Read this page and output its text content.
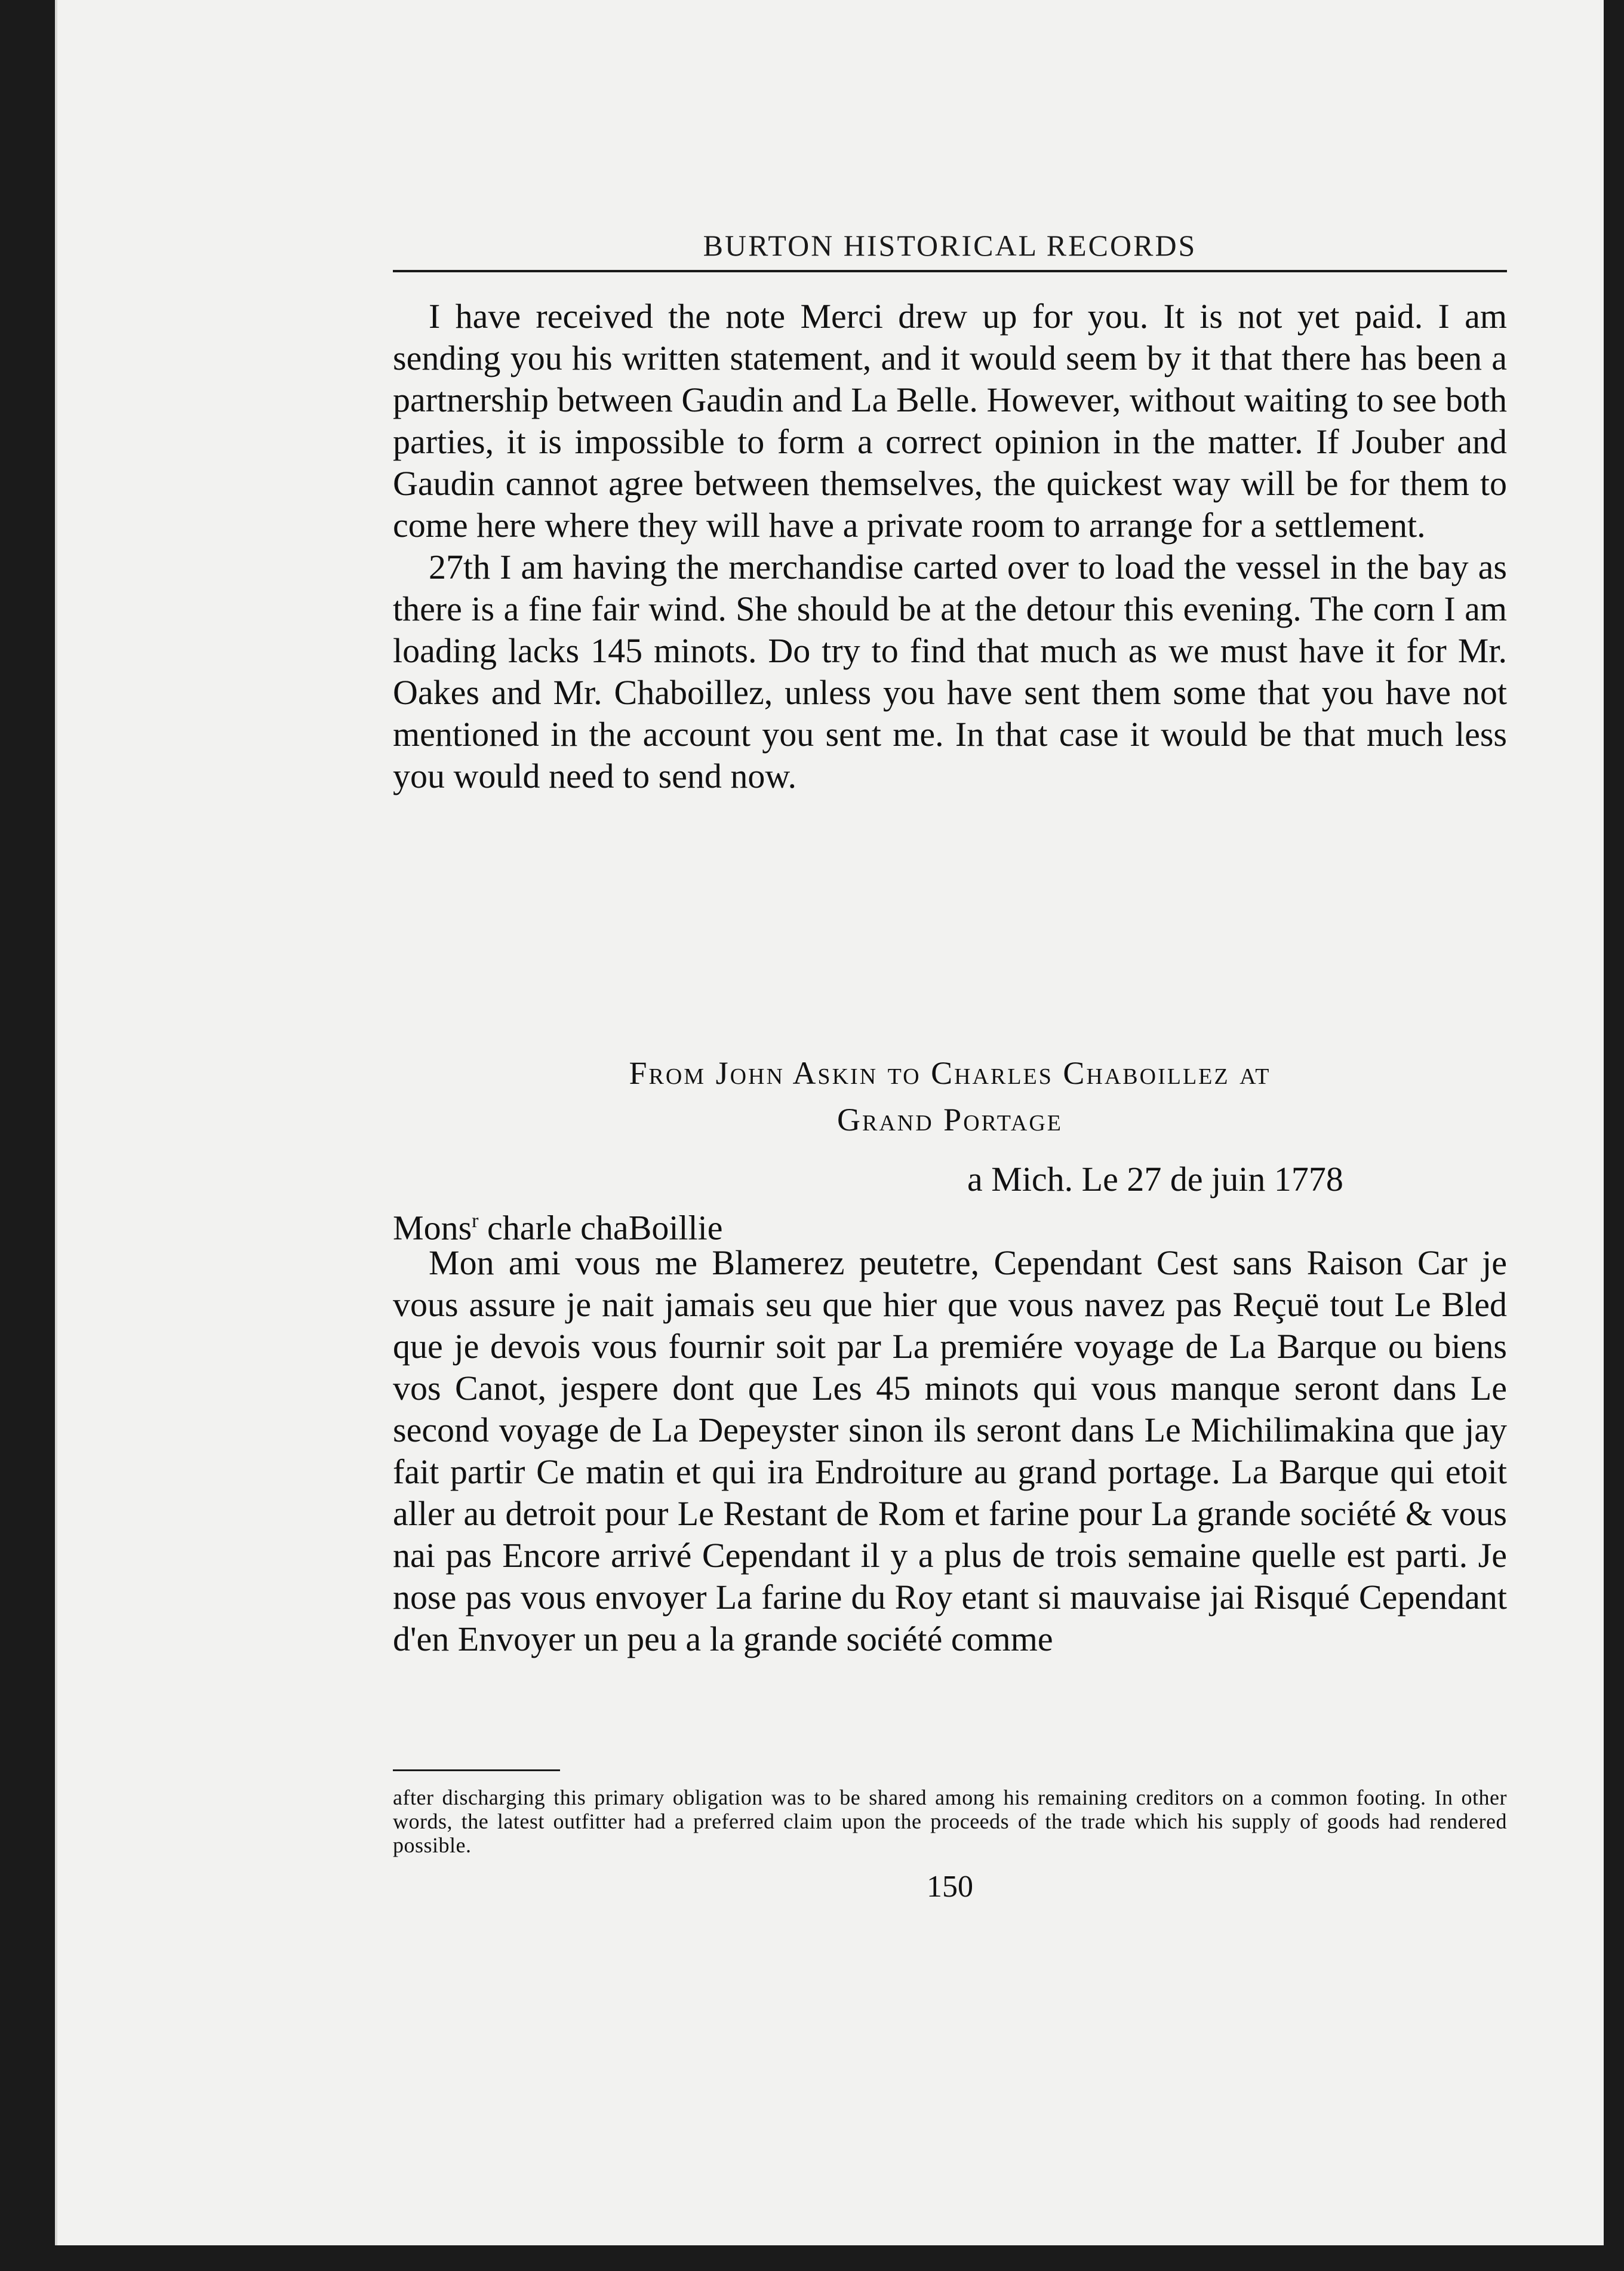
BURTON HISTORICAL RECORDS

I have received the note Merci drew up for you. It is not yet paid. I am sending you his written statement, and it would seem by it that there has been a partnership between Gaudin and La Belle. However, without waiting to see both parties, it is impossible to form a correct opinion in the matter. If Jouber and Gaudin cannot agree between themselves, the quickest way will be for them to come here where they will have a private room to arrange for a settlement.

27th I am having the merchandise carted over to load the vessel in the bay as there is a fine fair wind. She should be at the detour this evening. The corn I am loading lacks 145 minots. Do try to find that much as we must have it for Mr. Oakes and Mr. Chaboillez, unless you have sent them some that you have not mentioned in the account you sent me. In that case it would be that much less you would need to send now.

From John Askin to Charles Chaboillez at
Grand Portage
a Mich. Le 27 de juin 1778
Mons$^r$ charle chaBoillie
Mon ami vous me Blamerez peutetre, Cependant Cest sans Raison Car je vous assure je nait jamais seu que hier que vous navez pas Reçuë tout Le Bled que je devois vous fournir soit par La premiére voyage de La Barque ou biens vos Canot, jespere dont que Les 45 minots qui vous manque seront dans Le second voyage de La Depeyster sinon ils seront dans Le Michilimakina que jay fait partir Ce matin et qui ira Endroiture au grand portage. La Barque qui etoit aller au detroit pour Le Restant de Rom et farine pour La grande société & vous nai pas Encore arrivé Cependant il y a plus de trois semaine quelle est parti. Je nose pas vous envoyer La farine du Roy etant si mauvaise jai Risqué Cependant d'en Envoyer un peu a la grande société comme
after discharging this primary obligation was to be shared among his remaining creditors on a common footing. In other words, the latest outfitter had a preferred claim upon the proceeds of the trade which his supply of goods had rendered possible.
150
